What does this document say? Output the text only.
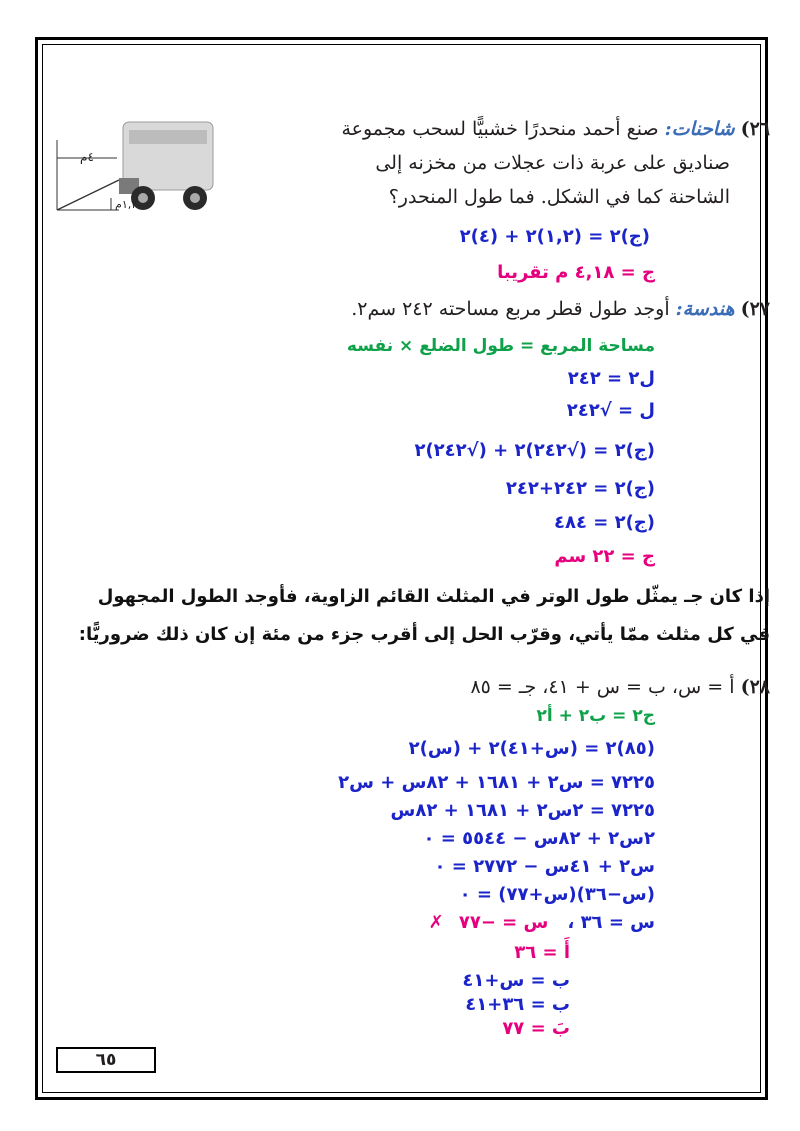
٤م
١,٢م
٢٦) شاحنات: صنع أحمد منحدرًا خشبيًّا لسحب مجموعة
صناديق على عربة ذات عجلات من مخزنه إلى
الشاحنة كما في الشكل. فما طول المنحدر؟
(ج)٢ = (١,٢)٢ + (٤)٢
ج = ٤,١٨ م تقريبا
٢٧) هندسة: أوجد طول قطر مربع مساحته ٢٤٢ سم٢.
مساحة المربع = طول الضلع × نفسه
ل٢ = ٢٤٢
ل = √٢٤٢
(ج)٢ = (√٢٤٢)٢ + (√٢٤٢)٢
(ج)٢ = ٢٤٢+٢٤٢
(ج)٢ = ٤٨٤
ج = ٢٢ سم
إذا كان جـ يمثّل طول الوتر في المثلث القائم الزاوية، فأوجد الطول المجهول
في كل مثلث ممّا يأتي، وقرّب الحل إلى أقرب جزء من مئة إن كان ذلك ضروريًّا:
٢٨) أ = س، ب = س + ٤١، جـ = ٨٥
ج٢ = ب٢ + أ٢
(٨٥)٢ = (س+٤١)٢ + (س)٢
٧٢٢٥ = س٢ + ١٦٨١ + ٨٢س + س٢
٧٢٢٥ = ٢س٢ + ١٦٨١ + ٨٢س
٢س٢ + ٨٢س − ٥٥٤٤ = ٠
س٢ + ٤١س − ٢٧٧٢ = ٠
(س−٣٦)(س+٧٧) = ٠
س = ٣٦ ، س = −٧٧ ✗
أَ = ٣٦
ب = س+٤١
ب = ٣٦+٤١
بَ = ٧٧
٦٥
